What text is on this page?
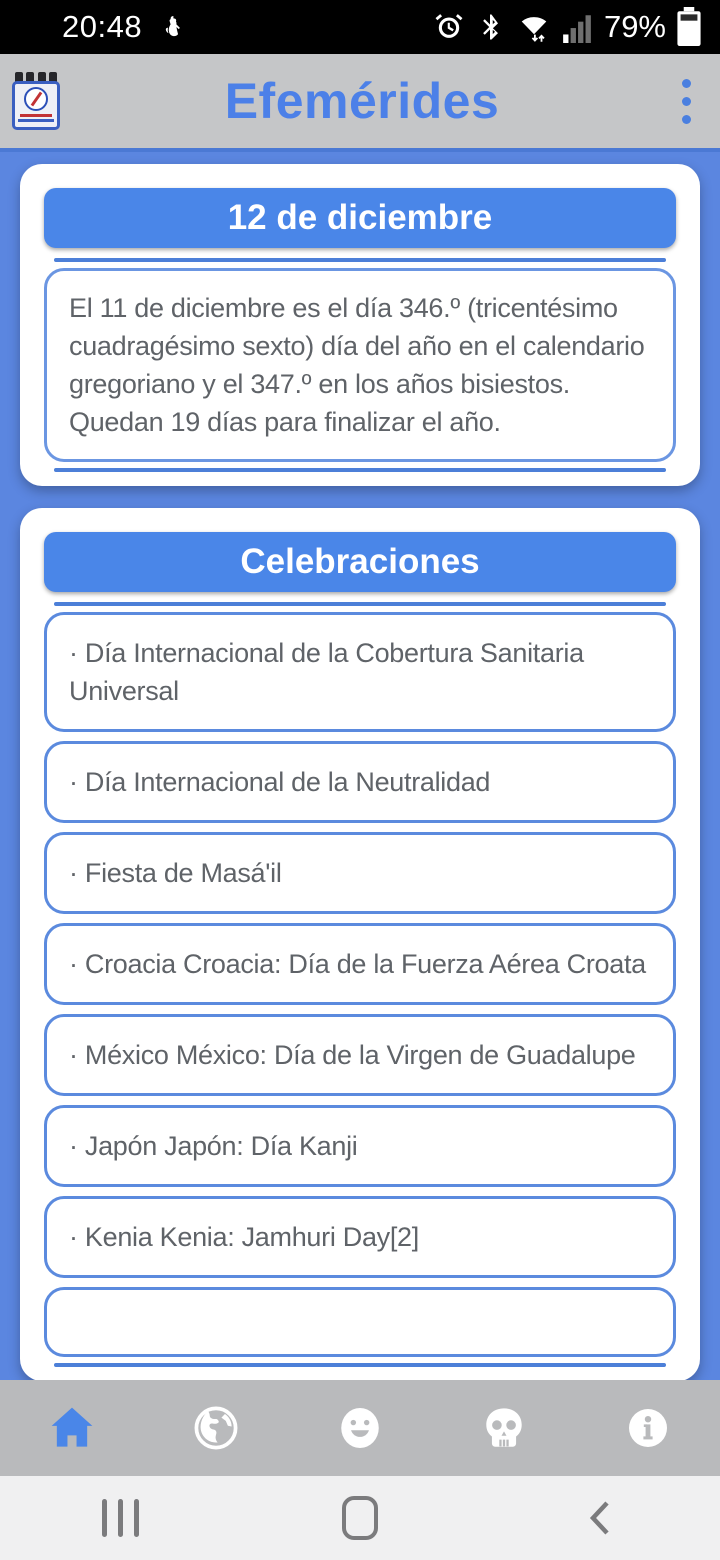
20:48	79%
Efemérides
12 de diciembre
El 11 de diciembre es el día 346.º (tricentésimo cuadragésimo sexto) día del año en el calendario gregoriano y el 347.º en los años bisiestos. Quedan 19 días para finalizar el año.
Celebraciones
· Día Internacional de la Cobertura Sanitaria Universal
· Día Internacional de la Neutralidad
· Fiesta de Masá'il
· Croacia Croacia: Día de la Fuerza Aérea Croata
· México México: Día de la Virgen de Guadalupe
· Japón Japón: Día Kanji
· Kenia Kenia: Jamhuri Day[2]
